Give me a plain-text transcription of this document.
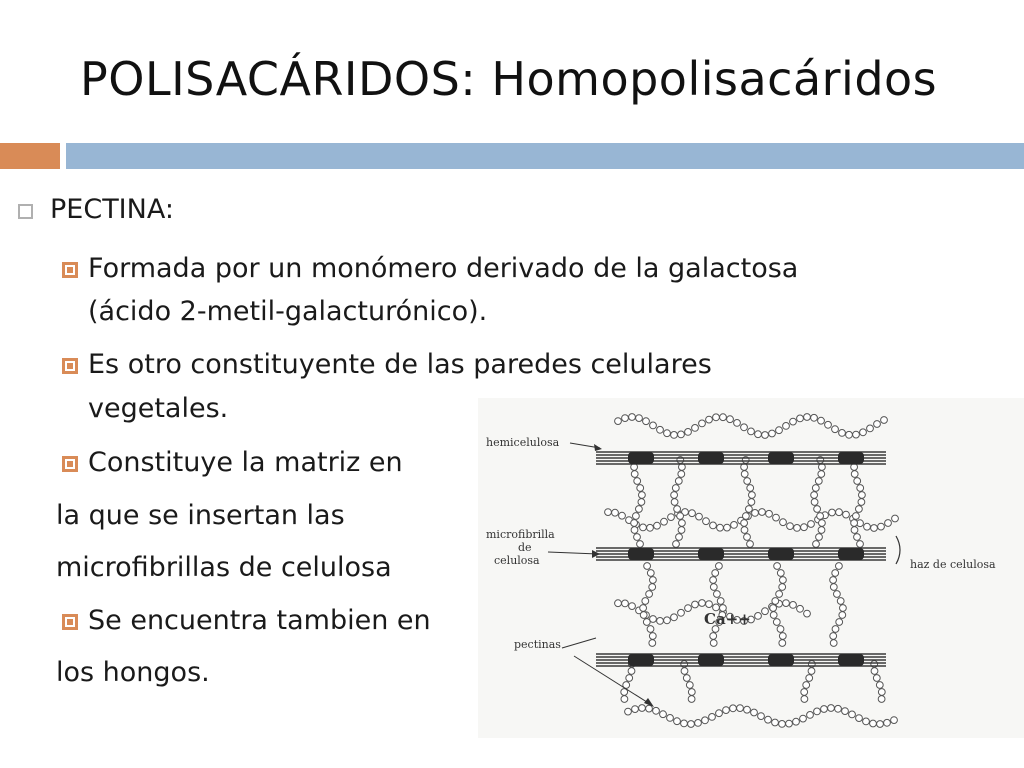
POLISACÁRIDOS: Homopolisacáridos
PECTINA:
Formada por un monómero derivado de la galactosa
(ácido 2-metil-galacturónico).
Es otro constituyente de las paredes celulares
vegetales.
Constituye la matriz en
la que se insertan las
microfibrillas de celulosa
Se encuentra tambien en
los hongos.
hemicelulosa
microfibrilla
de
celulosa	haz de celulosa
Ca++
pectinas
